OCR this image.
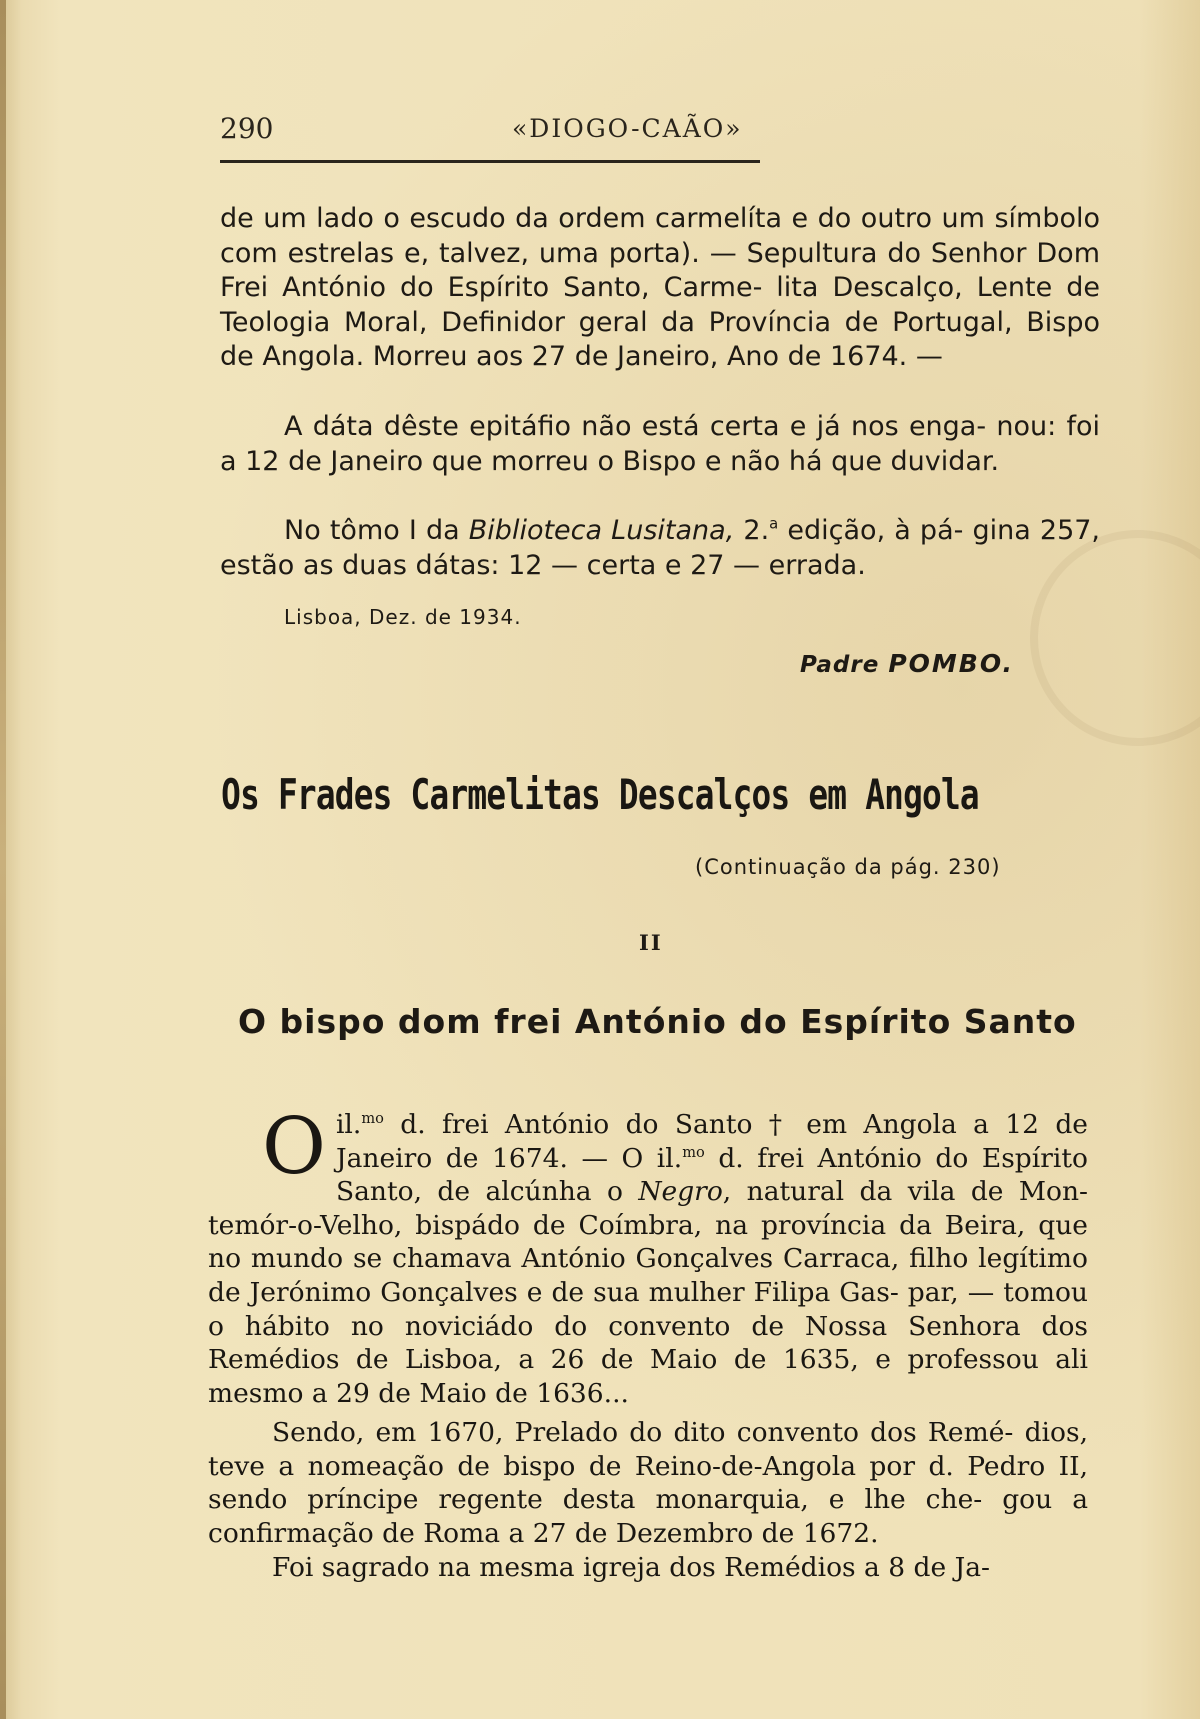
290	«DIOGO-CAÃO»

de um lado o escudo da ordem carmelíta e do outro um símbolo com estrelas e, talvez, uma porta). — Sepultura do Senhor Dom Frei António do Espírito Santo, Carme- lita Descalço, Lente de Teologia Moral, Definidor geral da Província de Portugal, Bispo de Angola. Morreu aos 27 de Janeiro, Ano de 1674. —

A dáta dêste epitáfio não está certa e já nos enga- nou: foi a 12 de Janeiro que morreu o Bispo e não há que duvidar.

No tômo I da Biblioteca Lusitana, 2.$^a$ edição, à pá- gina 257, estão as duas dátas: 12 — certa e 27 — errada.

Lisboa, Dez. de 1934.
Padre POMBO.
Os Frades Carmelitas Descalços em Angola
(Continuação da pág. 230)
II
O bispo dom frei António do Espírito Santo

Oil.$^{mo}$ d. frei António do Santo † em Angola a 12 de Janeiro de 1674. — O il.$^{mo}$ d. frei António do Espírito Santo, de alcúnha o Negro, natural da vila de Mon- temór-o-Velho, bispádo de Coímbra, na província da Beira, que no mundo se chamava António Gonçalves Carraca, filho legítimo de Jerónimo Gonçalves e de sua mulher Filipa Gas- par, — tomou o hábito no noviciádo do convento de Nossa Senhora dos Remédios de Lisboa, a 26 de Maio de 1635, e professou ali mesmo a 29 de Maio de 1636...

Sendo, em 1670, Prelado do dito convento dos Remé- dios, teve a nomeação de bispo de Reino-de-Angola por d. Pedro II, sendo príncipe regente desta monarquia, e lhe che- gou a confirmação de Roma a 27 de Dezembro de 1672.

Foi sagrado na mesma igreja dos Remédios a 8 de Ja-
